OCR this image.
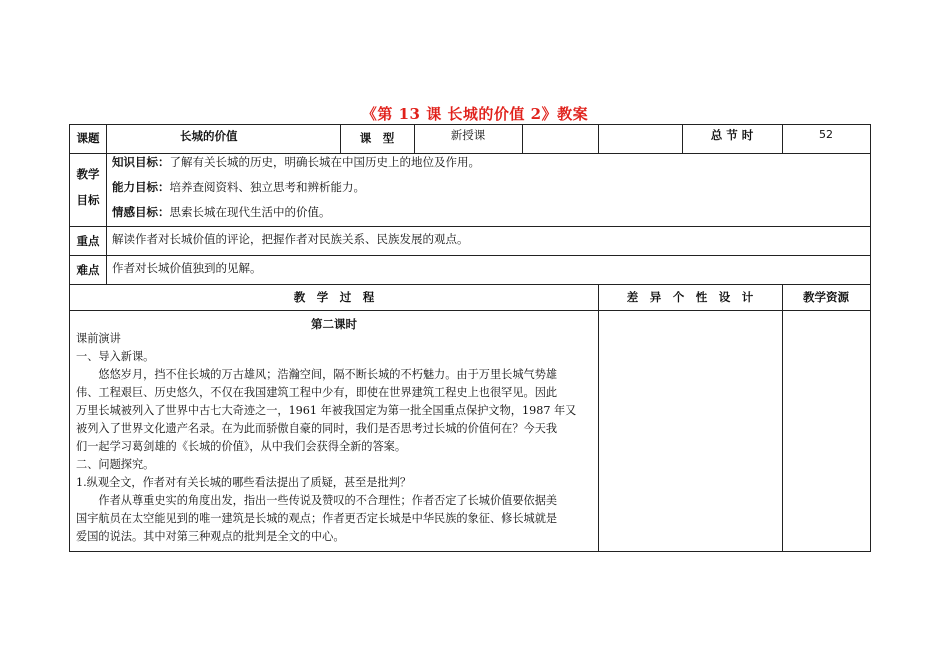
《第 13 课 长城的价值 2》教案
课题	长城的价值	课　型	新授课	总 节 时	52
教学
目标
知识目标：了解有关长城的历史，明确长城在中国历史上的地位及作用。
能力目标：培养查阅资料、独立思考和辨析能力。
情感目标：思索长城在现代生活中的价值。
重点	解读作者对长城价值的评论，把握作者对民族关系、民族发展的观点。
难点	作者对长城价值独到的见解。
教　学　过　程	差　异　个　性　设　计	教学资源
第二课时
课前演讲
一、导入新课。
　　悠悠岁月，挡不住长城的万古雄风；浩瀚空间，隔不断长城的不朽魅力。由于万里长城气势雄
伟、工程艰巨、历史悠久，不仅在我国建筑工程中少有，即使在世界建筑工程史上也很罕见。因此
万里长城被列入了世界中古七大奇迹之一，1961 年被我国定为第一批全国重点保护文物，1987 年又
被列入了世界文化遗产名录。在为此而骄傲自豪的同时，我们是否思考过长城的价值何在？今天我
们一起学习葛剑雄的《长城的价值》，从中我们会获得全新的答案。
二、问题探究。
1.纵观全文，作者对有关长城的哪些看法提出了质疑，甚至是批判？
　　作者从尊重史实的角度出发，指出一些传说及赞叹的不合理性；作者否定了长城价值要依据美
国宇航员在太空能见到的唯一建筑是长城的观点；作者更否定长城是中华民族的象征、修长城就是
爱国的说法。其中对第三种观点的批判是全文的中心。
